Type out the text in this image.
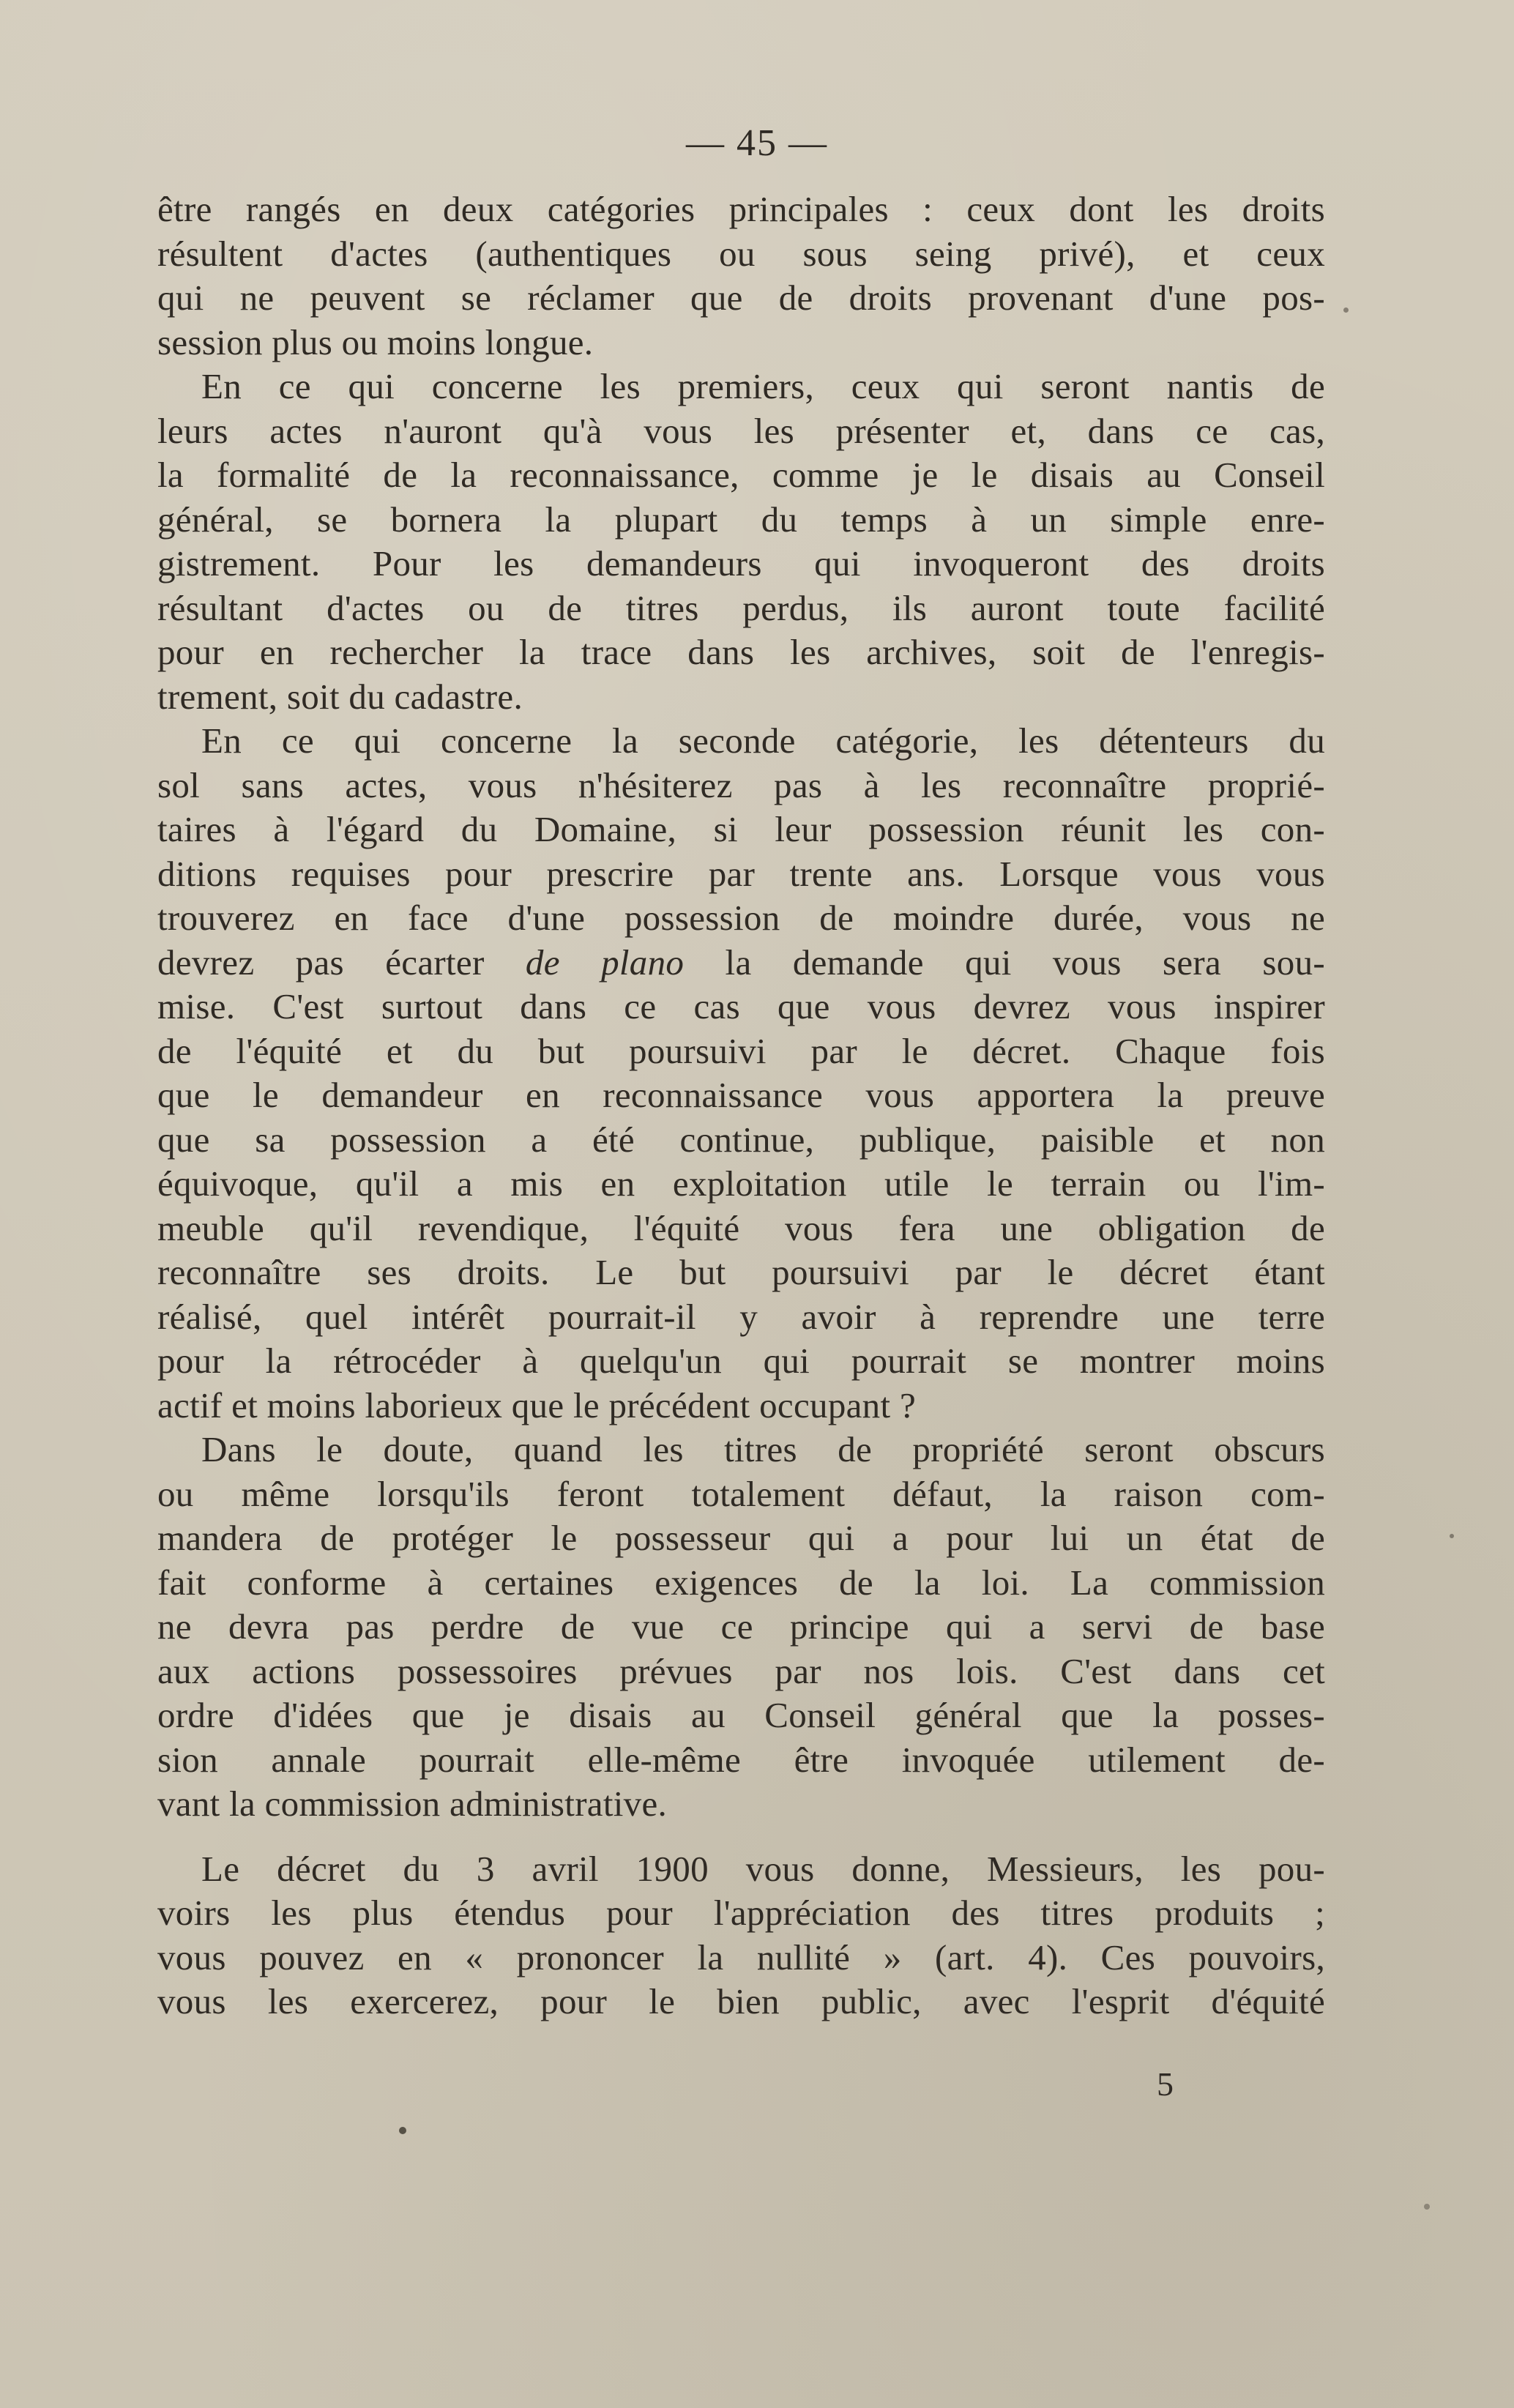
— 45 —

être rangés en deux catégories principales : ceux dont les droits
résultent d'actes (authentiques ou sous seing privé), et ceux
qui ne peuvent se réclamer que de droits provenant d'une pos-
session plus ou moins longue.

En ce qui concerne les premiers, ceux qui seront nantis de
leurs actes n'auront qu'à vous les présenter et, dans ce cas,
la formalité de la reconnaissance, comme je le disais au Conseil
général, se bornera la plupart du temps à un simple enre-
gistrement. Pour les demandeurs qui invoqueront des droits
résultant d'actes ou de titres perdus, ils auront toute facilité
pour en rechercher la trace dans les archives, soit de l'enregis-
trement, soit du cadastre.

En ce qui concerne la seconde catégorie, les détenteurs du
sol sans actes, vous n'hésiterez pas à les reconnaître proprié-
taires à l'égard du Domaine, si leur possession réunit les con-
ditions requises pour prescrire par trente ans. Lorsque vous vous
trouverez en face d'une possession de moindre durée, vous ne
devrez pas écarter de plano la demande qui vous sera sou-
mise. C'est surtout dans ce cas que vous devrez vous inspirer
de l'équité et du but poursuivi par le décret. Chaque fois
que le demandeur en reconnaissance vous apportera la preuve
que sa possession a été continue, publique, paisible et non
équivoque, qu'il a mis en exploitation utile le terrain ou l'im-
meuble qu'il revendique, l'équité vous fera une obligation de
reconnaître ses droits. Le but poursuivi par le décret étant
réalisé, quel intérêt pourrait-il y avoir à reprendre une terre
pour la rétrocéder à quelqu'un qui pourrait se montrer moins
actif et moins laborieux que le précédent occupant ?

Dans le doute, quand les titres de propriété seront obscurs
ou même lorsqu'ils feront totalement défaut, la raison com-
mandera de protéger le possesseur qui a pour lui un état de
fait conforme à certaines exigences de la loi. La commission
ne devra pas perdre de vue ce principe qui a servi de base
aux actions possessoires prévues par nos lois. C'est dans cet
ordre d'idées que je disais au Conseil général que la posses-
sion annale pourrait elle-même être invoquée utilement de-
vant la commission administrative.

Le décret du 3 avril 1900 vous donne, Messieurs, les pou-
voirs les plus étendus pour l'appréciation des titres produits ;
vous pouvez en « prononcer la nullité » (art. 4). Ces pouvoirs,
vous les exercerez, pour le bien public, avec l'esprit d'équité

5
